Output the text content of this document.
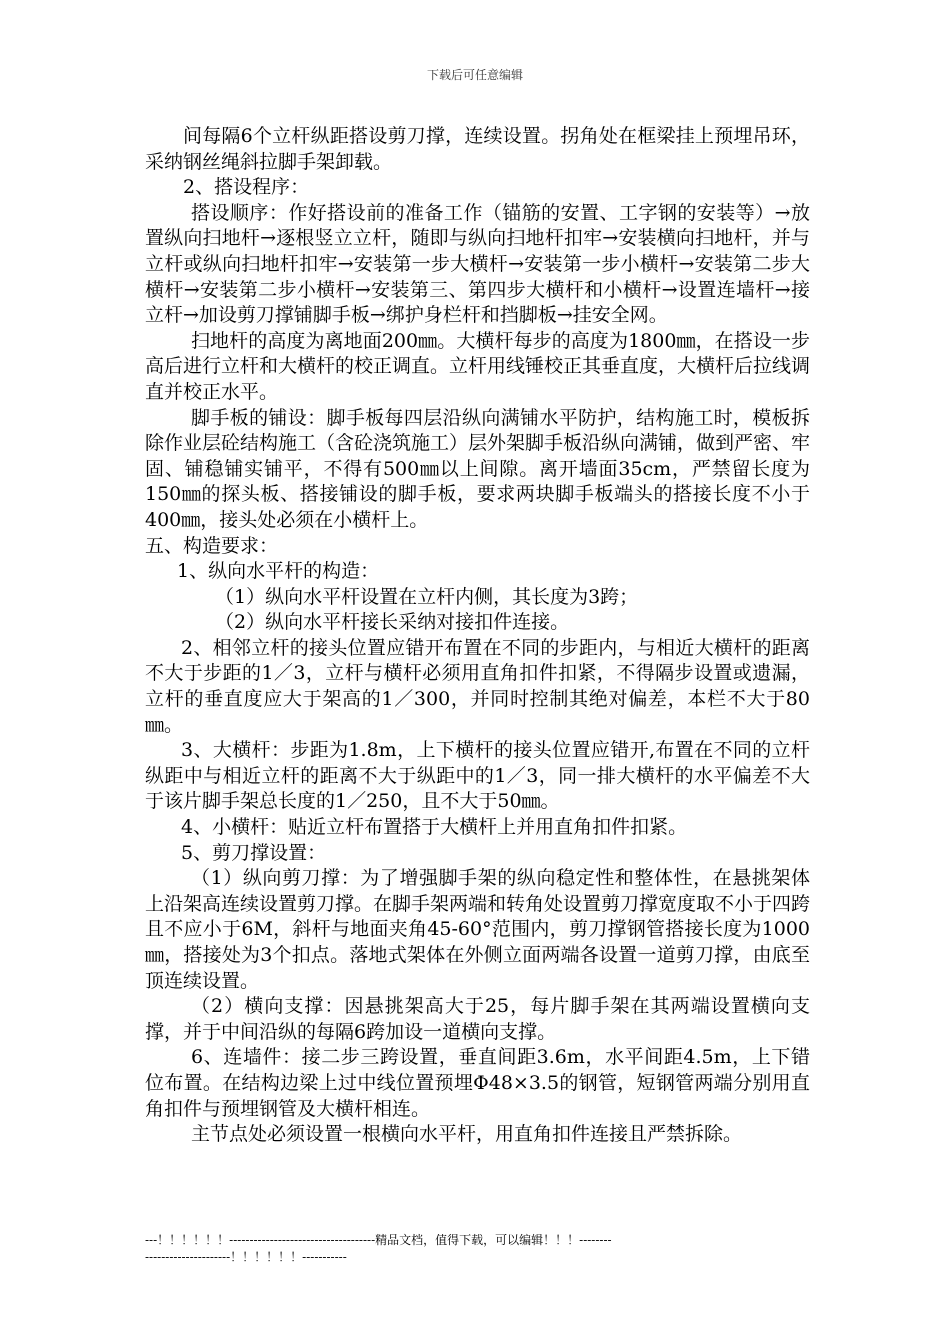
下载后可任意编辑

间每隔6个立杆纵距搭设剪刀撑，连续设置。拐角处在框梁挂上预埋吊环，采纳钢丝绳斜拉脚手架卸载。

2、搭设程序：

搭设顺序：作好搭设前的准备工作（锚筋的安置、工字钢的安装等）→放置纵向扫地杆→逐根竖立立杆，随即与纵向扫地杆扣牢→安装横向扫地杆，并与立杆或纵向扫地杆扣牢→安装第一步大横杆→安装第一步小横杆→安装第二步大横杆→安装第二步小横杆→安装第三、第四步大横杆和小横杆→设置连墙杆→接立杆→加设剪刀撑铺脚手板→绑护身栏杆和挡脚板→挂安全网。

扫地杆的高度为离地面200㎜。大横杆每步的高度为1800㎜，在搭设一步高后进行立杆和大横杆的校正调直。立杆用线锤校正其垂直度，大横杆后拉线调直并校正水平。

脚手板的铺设：脚手板每四层沿纵向满铺水平防护，结构施工时，模板拆除作业层砼结构施工（含砼浇筑施工）层外架脚手板沿纵向满铺，做到严密、牢固、铺稳铺实铺平，不得有500㎜以上间隙。离开墙面35cm，严禁留长度为150㎜的探头板、搭接铺设的脚手板，要求两块脚手板端头的搭接长度不小于400㎜，接头处必须在小横杆上。

五、构造要求：

1、纵向水平杆的构造：

（1）纵向水平杆设置在立杆内侧，其长度为3跨；

（2）纵向水平杆接长采纳对接扣件连接。

2、相邻立杆的接头位置应错开布置在不同的步距内，与相近大横杆的距离不大于步距的1／3，立杆与横杆必须用直角扣件扣紧，不得隔步设置或遗漏，立杆的垂直度应大于架高的1／300，并同时控制其绝对偏差，本栏不大于80㎜。

3、大横杆：步距为1.8m，上下横杆的接头位置应错开,布置在不同的立杆纵距中与相近立杆的距离不大于纵距中的1／3，同一排大横杆的水平偏差不大于该片脚手架总长度的1／250，且不大于50㎜。

4、小横杆：贴近立杆布置搭于大横杆上并用直角扣件扣紧。

5、剪刀撑设置：

（1）纵向剪刀撑：为了增强脚手架的纵向稳定性和整体性，在悬挑架体上沿架高连续设置剪刀撑。在脚手架两端和转角处设置剪刀撑宽度取不小于四跨且不应小于6M，斜杆与地面夹角45-60°范围内，剪刀撑钢管搭接长度为1000㎜，搭接处为3个扣点。落地式架体在外侧立面两端各设置一道剪刀撑，由底至顶连续设置。

（2）横向支撑：因悬挑架高大于25，每片脚手架在其两端设置横向支撑，并于中间沿纵的每隔6跨加设一道横向支撑。

6、连墙件：接二步三跨设置，垂直间距3.6m，水平间距4.5m，上下错位布置。在结构边梁上过中线位置预埋Φ48×3.5的钢管，短钢管两端分别用直角扣件与预埋钢管及大横杆相连。

主节点处必须设置一根横向水平杆，用直角扣件连接且严禁拆除。

---！！！！！！------------------------------------精品文档，值得下载，可以编辑！！！-----------------------------！！！！！！-----------
